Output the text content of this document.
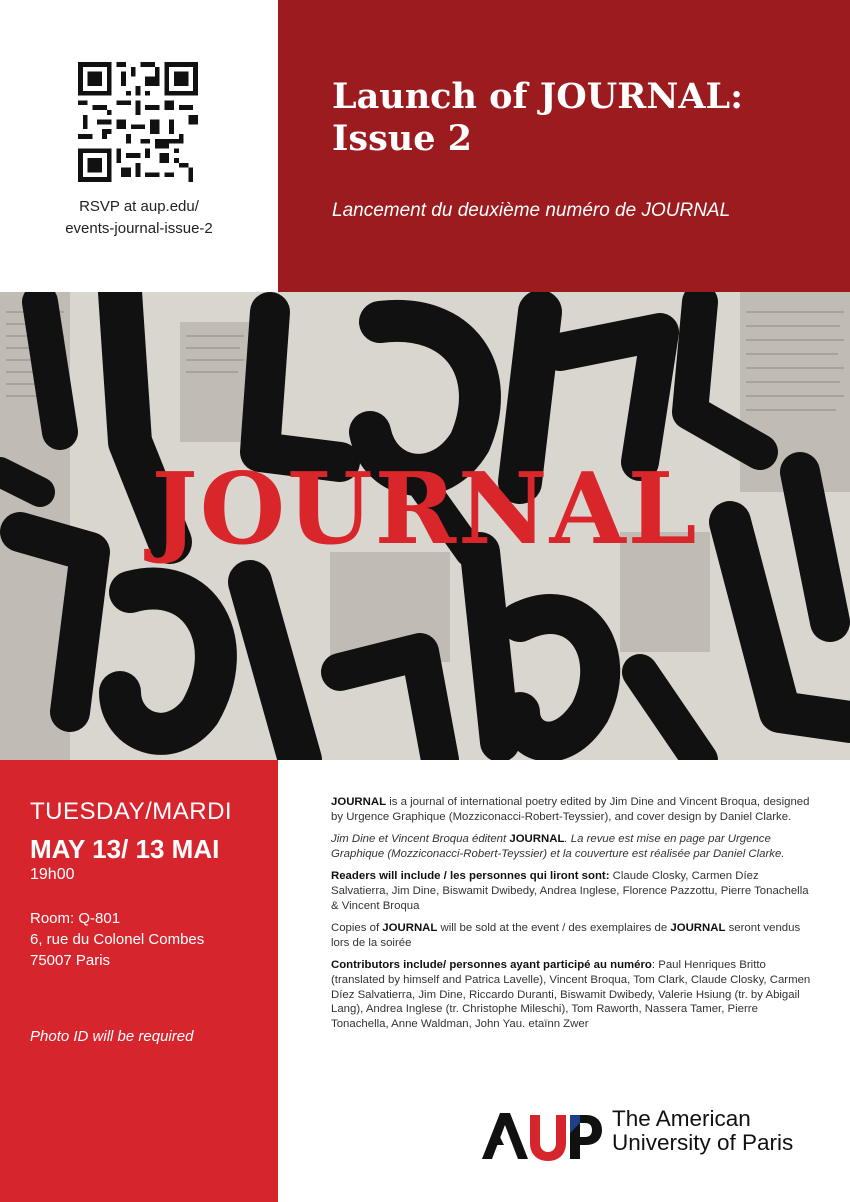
RSVP at aup.edu/
events-journal-issue-2
Launch of JOURNAL:
Issue 2
Lancement du deuxième numéro de JOURNAL
JOURNAL
TUESDAY/MARDI
MAY 13/ 13 MAI
19h00
Room: Q-801
6, rue du Colonel Combes
75007 Paris
Photo ID will be required

JOURNAL is a journal of international poetry edited by Jim Dine and Vincent Broqua, designed by Urgence Graphique (Mozziconacci-Robert-Teyssier), and cover design by Daniel Clarke.

Jim Dine et Vincent Broqua éditent JOURNAL. La revue est mise en page par Urgence Graphique (Mozziconacci-Robert-Teyssier) et la couverture est réalisée par Daniel Clarke.

Readers will include / les personnes qui liront sont: Claude Closky, Carmen Díez Salvatierra, Jim Dine, Biswamit Dwibedy, Andrea Inglese, Florence Pazzottu, Pierre Tonachella & Vincent Broqua

Copies of JOURNAL will be sold at the event / des exemplaires de JOURNAL seront vendus lors de la soirée

Contributors include/ personnes ayant participé au numéro: Paul Henriques Britto (translated by himself and Patrica Lavelle), Vincent Broqua, Tom Clark, Claude Closky, Carmen Díez Salvatierra, Jim Dine, Riccardo Duranti, Biswamit Dwibedy, Valerie Hsiung (tr. by Abigail Lang), Andrea Inglese (tr. Christophe Mileschi), Tom Raworth, Nassera Tamer, Pierre Tonachella, Anne Waldman, John Yau. etaïnn Zwer

The American
University of Paris
